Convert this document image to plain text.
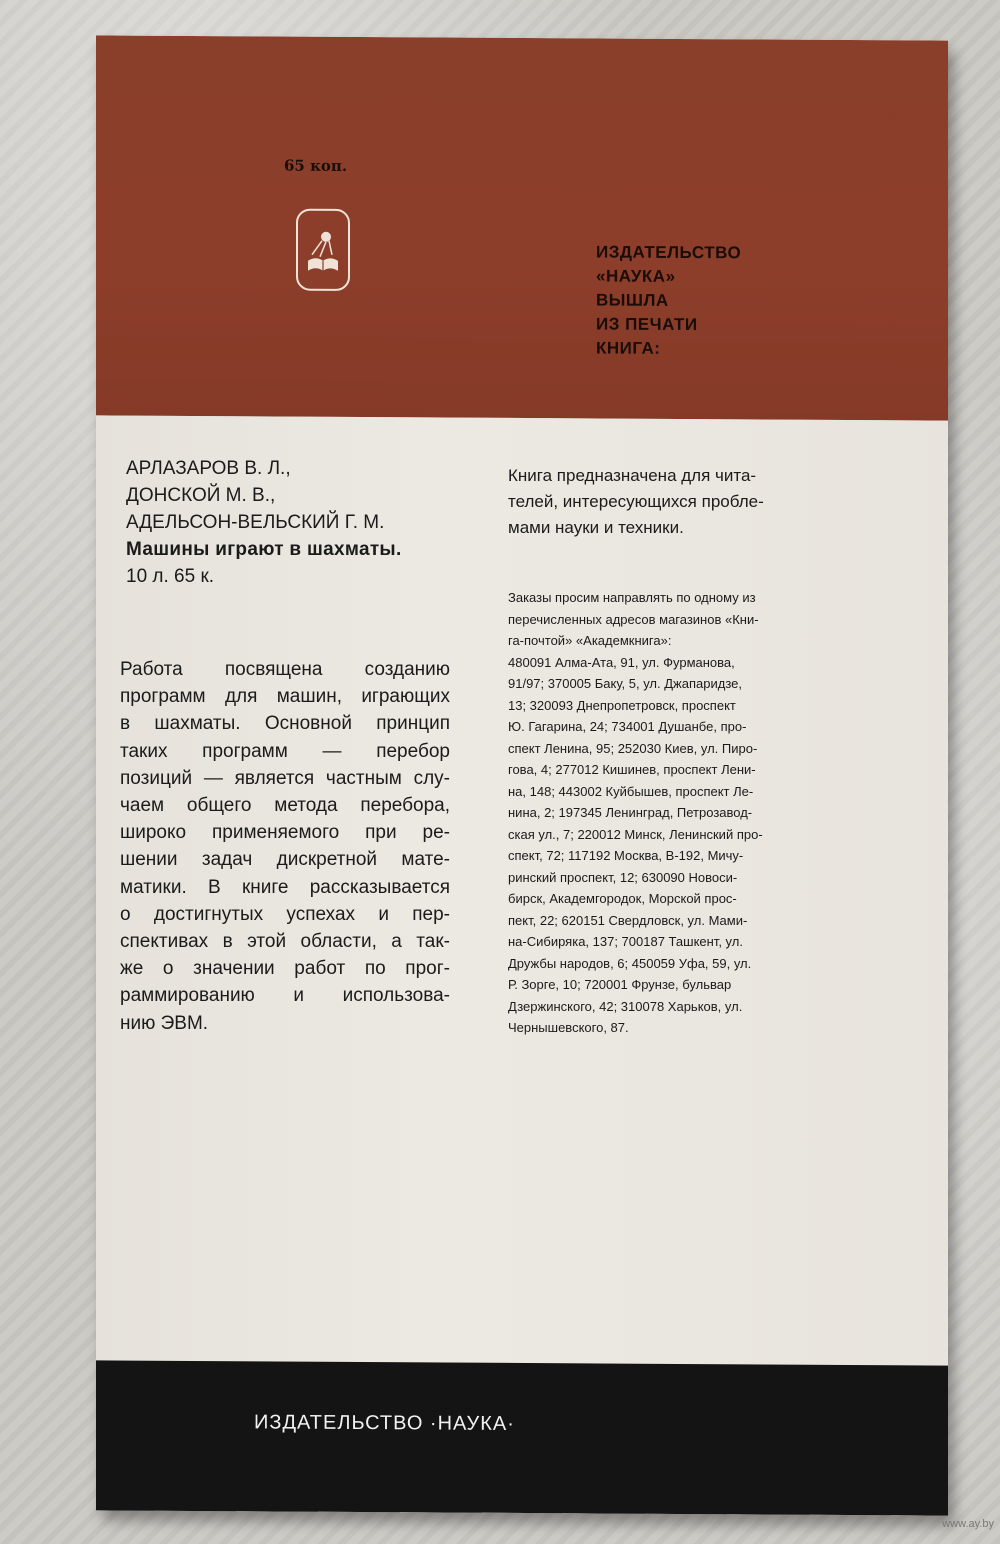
65 коп.
ИЗДАТЕЛЬСТВО
«НАУКА»
ВЫШЛА
ИЗ ПЕЧАТИ
КНИГА:
ИЗДАТЕЛЬСТВО ·НАУКА·
АРЛАЗАРОВ В. Л.,
ДОНСКОЙ М. В.,
АДЕЛЬСОН-ВЕЛЬСКИЙ Г. М.
Машины играют в шахматы.
10 л. 65 к.
Работа посвящена созданию
программ для машин, играющих
в шахматы. Основной принцип
таких программ — перебор
позиций — является частным слу-
чаем общего метода перебора,
широко применяемого при ре-
шении задач дискретной мате-
матики. В книге рассказывается
о достигнутых успехах и пер-
спективах в этой области, а так-
же о значении работ по прог-
раммированию и использова-
нию ЭВМ.
Книга предназначена для чита-
телей, интересующихся пробле-
мами науки и техники.
Заказы просим направлять по одному из
перечисленных адресов магазинов «Кни-
га-почтой» «Академкнига»:
480091 Алма-Ата, 91, ул. Фурманова,
91/97; 370005 Баку, 5, ул. Джапаридзе,
13; 320093 Днепропетровск, проспект
Ю. Гагарина, 24; 734001 Душанбе, про-
спект Ленина, 95; 252030 Киев, ул. Пиро-
гова, 4; 277012 Кишинев, проспект Лени-
на, 148; 443002 Куйбышев, проспект Ле-
нина, 2; 197345 Ленинград, Петрозавод-
ская ул., 7; 220012 Минск, Ленинский про-
спект, 72; 117192 Москва, В-192, Мичу-
ринский проспект, 12; 630090 Новоси-
бирск, Академгородок, Морской прос-
пект, 22; 620151 Свердловск, ул. Мами-
на-Сибиряка, 137; 700187 Ташкент, ул.
Дружбы народов, 6; 450059 Уфа, 59, ул.
Р. Зорге, 10; 720001 Фрунзе, бульвар
Дзержинского, 42; 310078 Харьков, ул.
Чернышевского, 87.
www.ay.by
